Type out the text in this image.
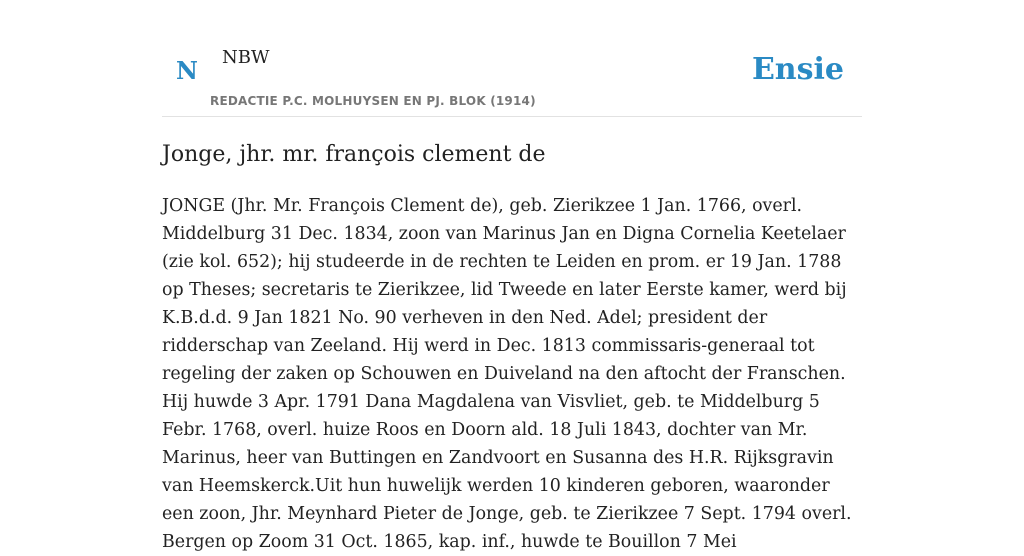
N NBW
REDACTIE P.C. MOLHUYSEN EN PJ. BLOK (1914)
Ensie
Jonge, jhr. mr. françois clement de

JONGE (Jhr. Mr. François Clement de), geb. Zierikzee 1 Jan. 1766, overl. Middelburg 31 Dec. 1834, zoon van Marinus Jan en Digna Cornelia Keetelaer (zie kol. 652); hij studeerde in de rechten te Leiden en prom. er 19 Jan. 1788 op Theses; secretaris te Zierikzee, lid Tweede en later Eerste kamer, werd bij K.B.d.d. 9 Jan 1821 No. 90 verheven in den Ned. Adel; president der ridderschap van Zeeland. Hij werd in Dec. 1813 commissaris-generaal tot regeling der zaken op Schouwen en Duiveland na den aftocht der Franschen. Hij huwde 3 Apr. 1791 Dana Magdalena van Visvliet, geb. te Middelburg 5 Febr. 1768, overl. huize Roos en Doorn ald. 18 Juli 1843, dochter van Mr. Marinus, heer van Buttingen en Zandvoort en Susanna des H.R. Rijksgravin van Heemskerck.Uit hun huwelijk werden 10 kinderen geboren, waaronder een zoon, Jhr. Meynhard Pieter de Jonge, geb. te Zierikzee 7 Sept. 1794 overl. Bergen op Zoom 31 Oct. 1865, kap. inf., huwde te Bouillon 7 Mei
